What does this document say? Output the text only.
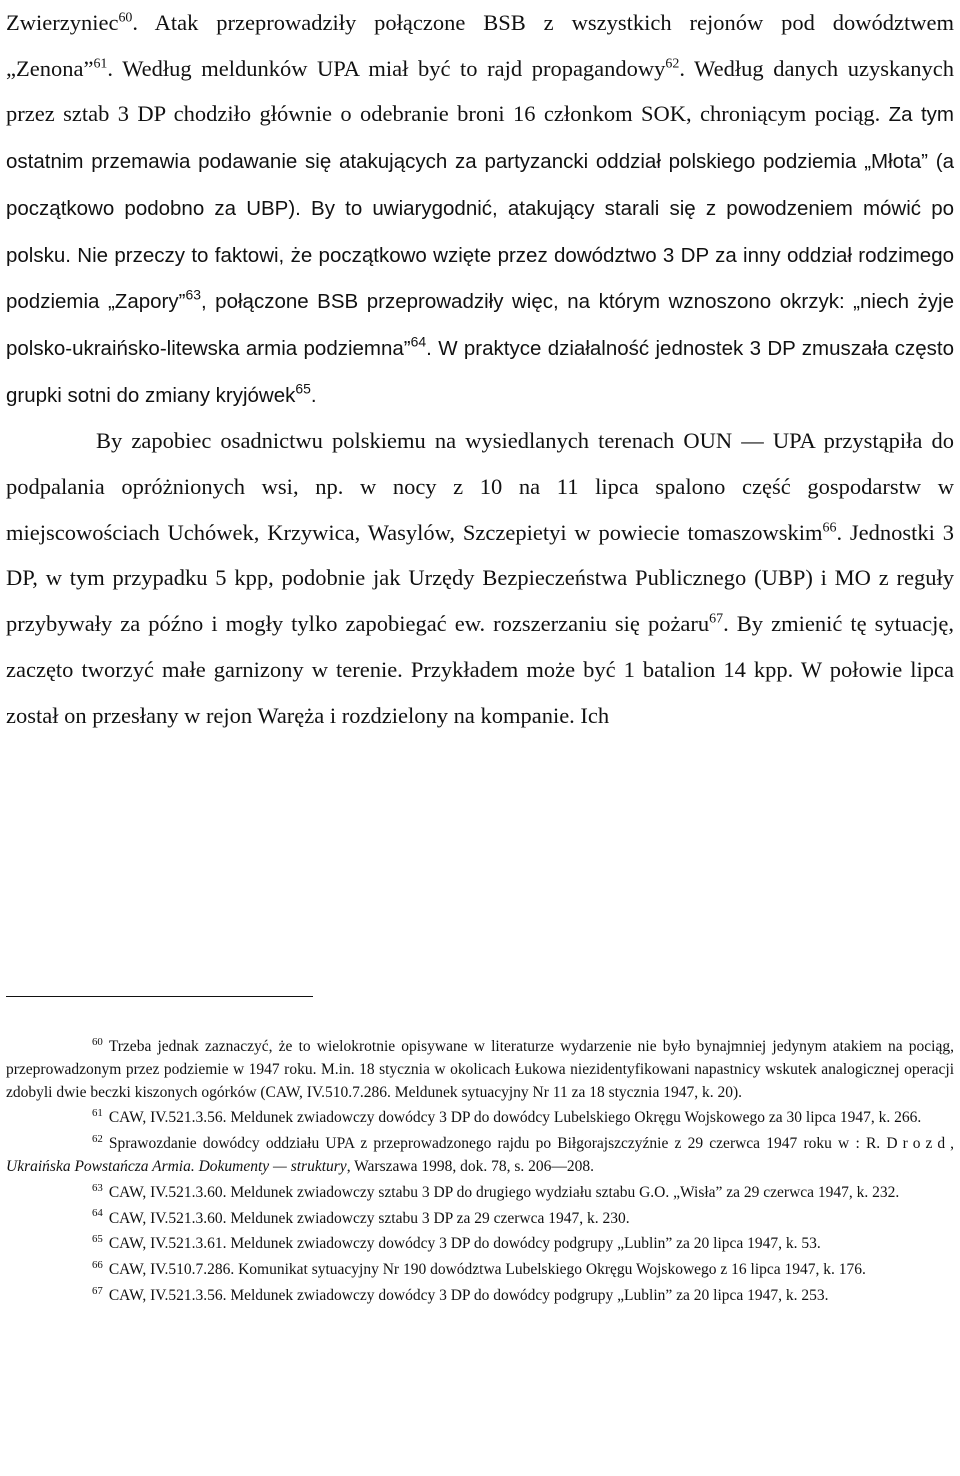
Zwierzyniec$^{60}$. Atak przeprowadziły połączone BSB z wszystkich rejonów pod dowództwem „Zenona”$^{61}$. Według meldunków UPA miał być to rajd propagandowy$^{62}$. Według danych uzyskanych przez sztab 3 DP chodziło głównie o odebranie broni 16 członkom SOK, chroniącym pociąg. Za tym ostatnim przemawia podawanie się atakujących za partyzancki oddział polskiego podziemia „Młota” (a początkowo podobno za UBP). By to uwiarygodnić, atakujący starali się z powodzeniem mówić po polsku. Nie przeczy to faktowi, że początkowo wzięte przez dowództwo 3 DP za inny oddział rodzimego podziemia „Zapory”$^{63}$, połączone BSB przeprowadziły więc, na którym wznoszono okrzyk: „niech żyje polsko-ukraińsko-litewska armia podziemna”$^{64}$. W praktyce działalność jednostek 3 DP zmuszała często grupki sotni do zmiany kryjówek$^{65}$.

By zapobiec osadnictwu polskiemu na wysiedlanych terenach OUN — UPA przystąpiła do podpalania opróżnionych wsi, np. w nocy z 10 na 11 lipca spalono część gospodarstw w miejscowościach Uchówek, Krzywica, Wasylów, Szczepietyi w powiecie tomaszowskim$^{66}$. Jednostki 3 DP, w tym przypadku 5 kpp, podobnie jak Urzędy Bezpieczeństwa Publicznego (UBP) i MO z reguły przybywały za późno i mogły tylko zapobiegać ew. rozszerzaniu się pożaru$^{67}$. By zmienić tę sytuację, zaczęto tworzyć małe garnizony w terenie. Przykładem może być 1 batalion 14 kpp. W połowie lipca został on przesłany w rejon Warężа i rozdzielony na kompanie. Ich

$^{60}$ Trzeba jednak zaznaczyć, że to wielokrotnie opisywane w literaturze wydarzenie nie było bynajmniej jedynym atakiem na pociąg, przeprowadzonym przez podziemie w 1947 roku. M.in. 18 stycznia w okolicach Łukowa niezidentyfikowani napastnicy wskutek analogicznej operacji zdobyli dwie beczki kiszonych ogórków (CAW, IV.510.7.286. Meldunek sytuacyjny Nr 11 za 18 stycznia 1947, k. 20).

$^{61}$ CAW, IV.521.3.56. Meldunek zwiadowczy dowódcy 3 DP do dowódcy Lubelskiego Okręgu Wojskowego za 30 lipca 1947, k. 266.

$^{62}$ Sprawozdanie dowódcy oddziału UPA z przeprowadzonego rajdu po Biłgorajszczyźnie z 29 czerwca 1947 roku w : R. Drozd, Ukraińska Powstańcza Armia. Dokumenty — struktury, Warszawa 1998, dok. 78, s. 206—208.

$^{63}$ CAW, IV.521.3.60. Meldunek zwiadowczy sztabu 3 DP do drugiego wydziału sztabu G.O. „Wisła” za 29 czerwca 1947, k. 232.

$^{64}$ CAW, IV.521.3.60. Meldunek zwiadowczy sztabu 3 DP za 29 czerwca 1947, k. 230.

$^{65}$ CAW, IV.521.3.61. Meldunek zwiadowczy dowódcy 3 DP do dowódcy podgrupy „Lublin” za 20 lipca 1947, k. 53.

$^{66}$ CAW, IV.510.7.286. Komunikat sytuacyjny Nr 190 dowództwa Lubelskiego Okręgu Wojskowego z 16 lipca 1947, k. 176.

$^{67}$ CAW, IV.521.3.56. Meldunek zwiadowczy dowódcy 3 DP do dowódcy podgrupy „Lublin” za 20 lipca 1947, k. 253.
